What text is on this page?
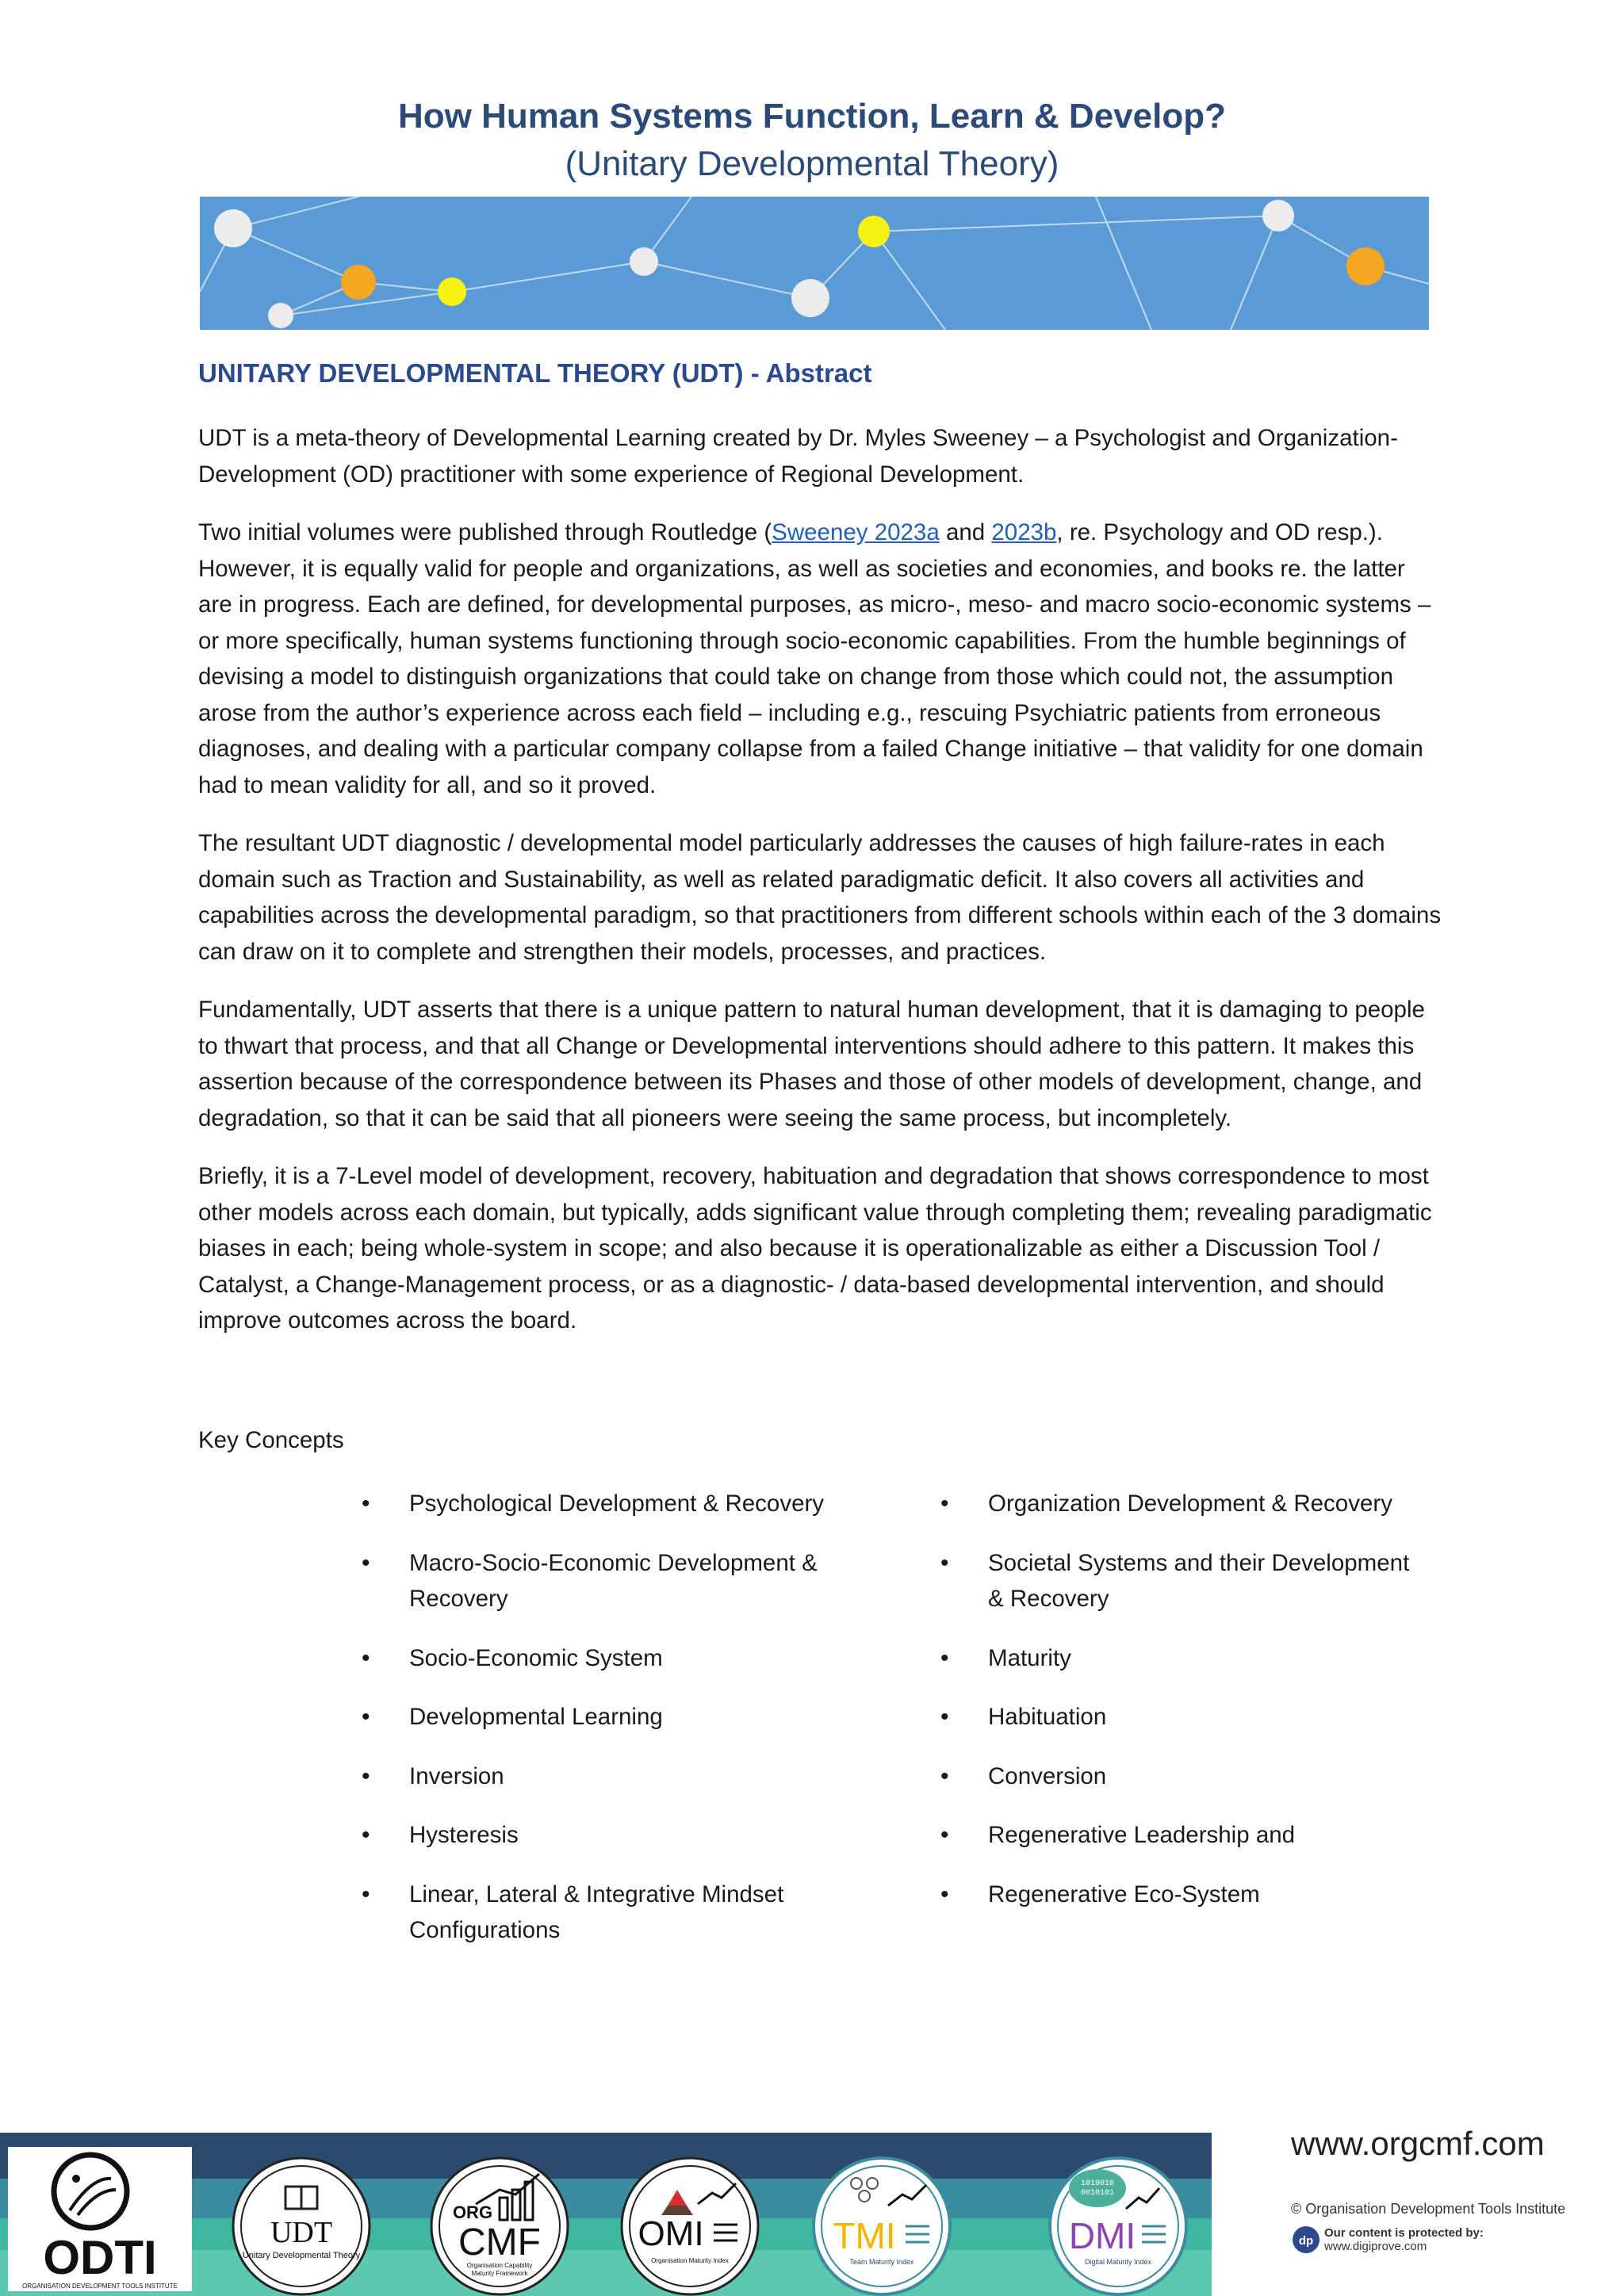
How Human Systems Function, Learn & Develop?
(Unitary Developmental Theory)
UNITARY DEVELOPMENTAL THEORY (UDT) - Abstract

UDT is a meta-theory of Developmental Learning created by Dr. Myles Sweeney – a Psychologist and Organization-Development (OD) practitioner with some experience of Regional Development.

Two initial volumes were published through Routledge (Sweeney 2023a and 2023b, re. Psychology and OD resp.). However, it is equally valid for people and organizations, as well as societies and economies, and books re. the latter are in progress. Each are defined, for developmental purposes, as micro-, meso- and macro socio-economic systems – or more specifically, human systems functioning through socio-economic capabilities. From the humble beginnings of devising a model to distinguish organizations that could take on change from those which could not, the assumption arose from the author’s experience across each field – including e.g., rescuing Psychiatric patients from erroneous diagnoses, and dealing with a particular company collapse from a failed Change initiative – that validity for one domain had to mean validity for all, and so it proved.

The resultant UDT diagnostic / developmental model particularly addresses the causes of high failure-rates in each domain such as Traction and Sustainability, as well as related paradigmatic deficit. It also covers all activities and capabilities across the developmental paradigm, so that practitioners from different schools within each of the 3 domains can draw on it to complete and strengthen their models, processes, and practices.

Fundamentally, UDT asserts that there is a unique pattern to natural human development, that it is damaging to people to thwart that process, and that all Change or Developmental interventions should adhere to this pattern. It makes this assertion because of the correspondence between its Phases and those of other models of development, change, and degradation, so that it can be said that all pioneers were seeing the same process, but incompletely.

Briefly, it is a 7-Level model of development, recovery, habituation and degradation that shows correspondence to most other models across each domain, but typically, adds significant value through completing them; revealing paradigmatic biases in each; being whole-system in scope; and also because it is operationalizable as either a Discussion Tool / Catalyst, a Change-Management process, or as a diagnostic- / data-based developmental intervention, and should improve outcomes across the board.

Key Concepts
• Psychological Development & Recovery
• Macro-Socio-Economic Development & Recovery
• Socio-Economic System
• Developmental Learning
• Inversion
• Hysteresis
• Linear, Lateral & Integrative Mindset Configurations
• Organization Development & Recovery
• Societal Systems and their Development & Recovery
• Maturity
• Habituation
• Conversion
• Regenerative Leadership and
• Regenerative Eco-System
ODTI
ORGANISATION DEVELOPMENT TOOLS INSTITUTE
UDT
Unitary Developmental Theory
ORG
CMF
Organisation Capability
Maturity Framework
OMI
Organisation Maturity Index
TMI
Team Maturity Index
1010010
0010101
DMI
Digital Maturity Index
www.orgcmf.com
© Organisation Development Tools Institute
dp
Our content is protected by:
www.digiprove.com
